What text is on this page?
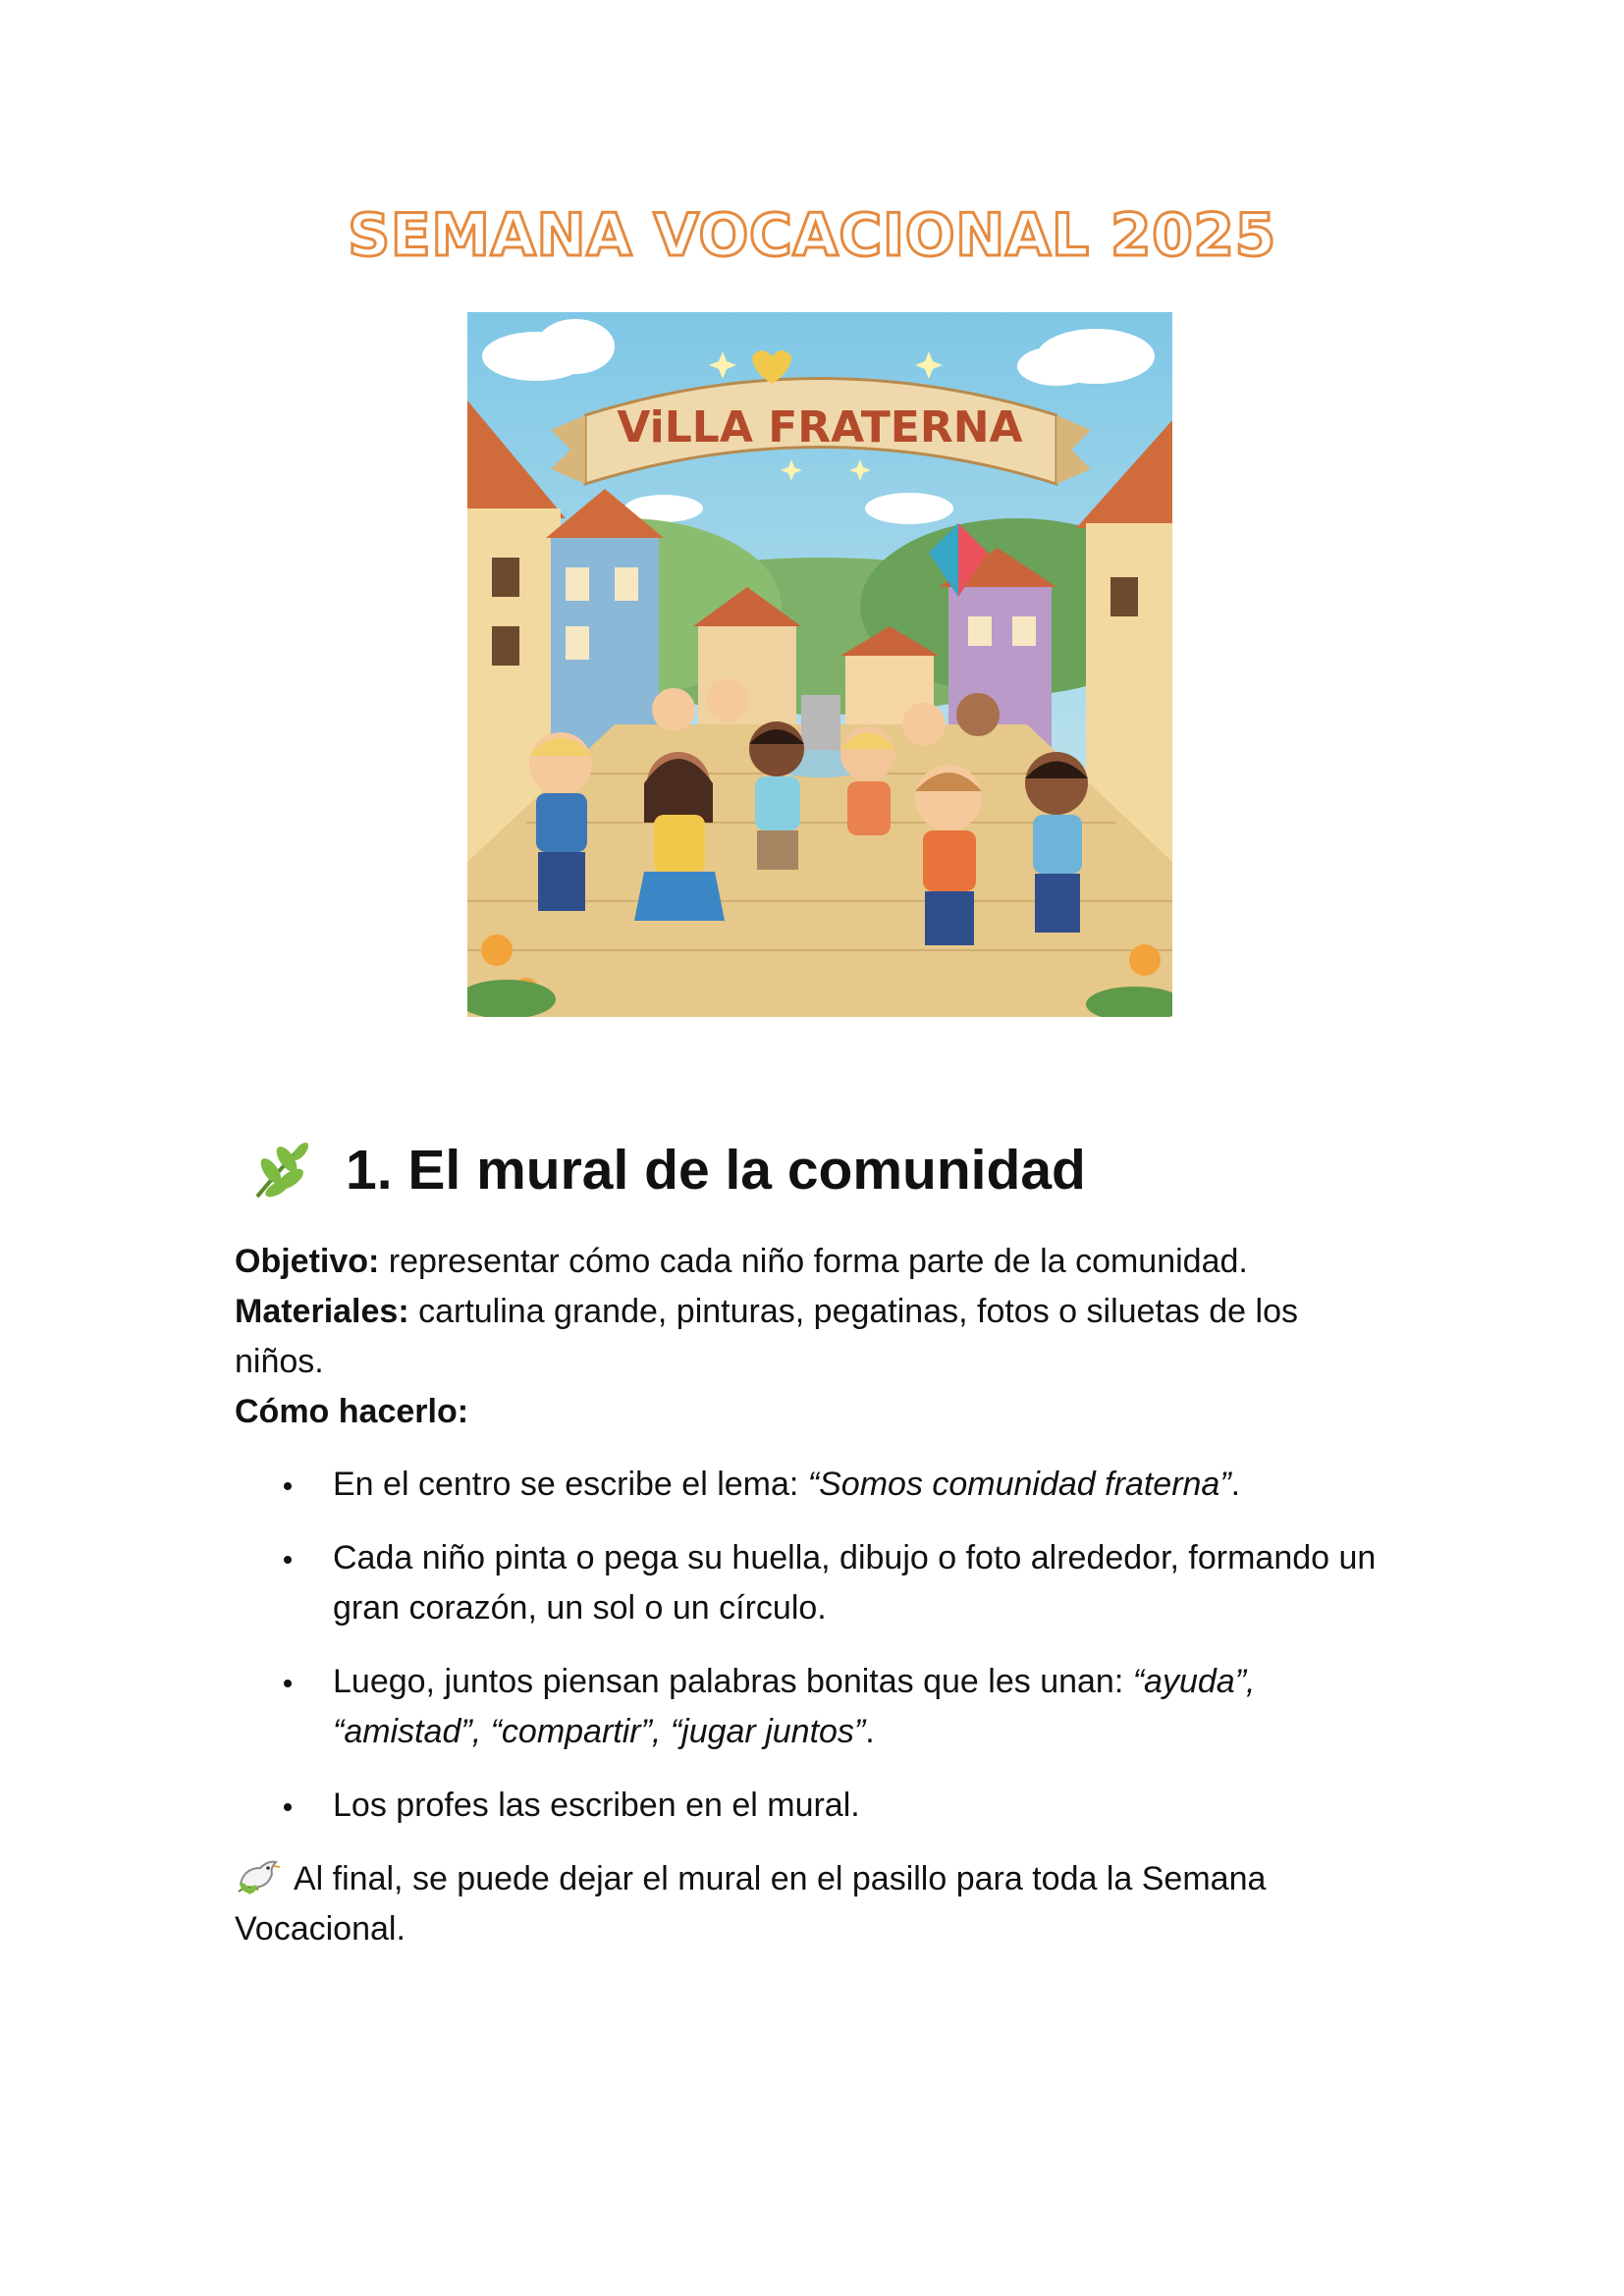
SEMANA VOCACIONAL 2025
ViLLA FRATERNA
1. El mural de la comunidad

Objetivo: representar cómo cada niño forma parte de la comunidad.

Materiales: cartulina grande, pinturas, pegatinas, fotos o siluetas de los niños.

Cómo hacerlo:

En el centro se escribe el lema: “Somos comunidad fraterna”.
Cada niño pinta o pega su huella, dibujo o foto alrededor, formando un gran corazón, un sol o un círculo.
Luego, juntos piensan palabras bonitas que les unan: “ayuda”, “amistad”, “compartir”, “jugar juntos”.
Los profes las escriben en el mural.

Al final, se puede dejar el mural en el pasillo para toda la Semana Vocacional.
